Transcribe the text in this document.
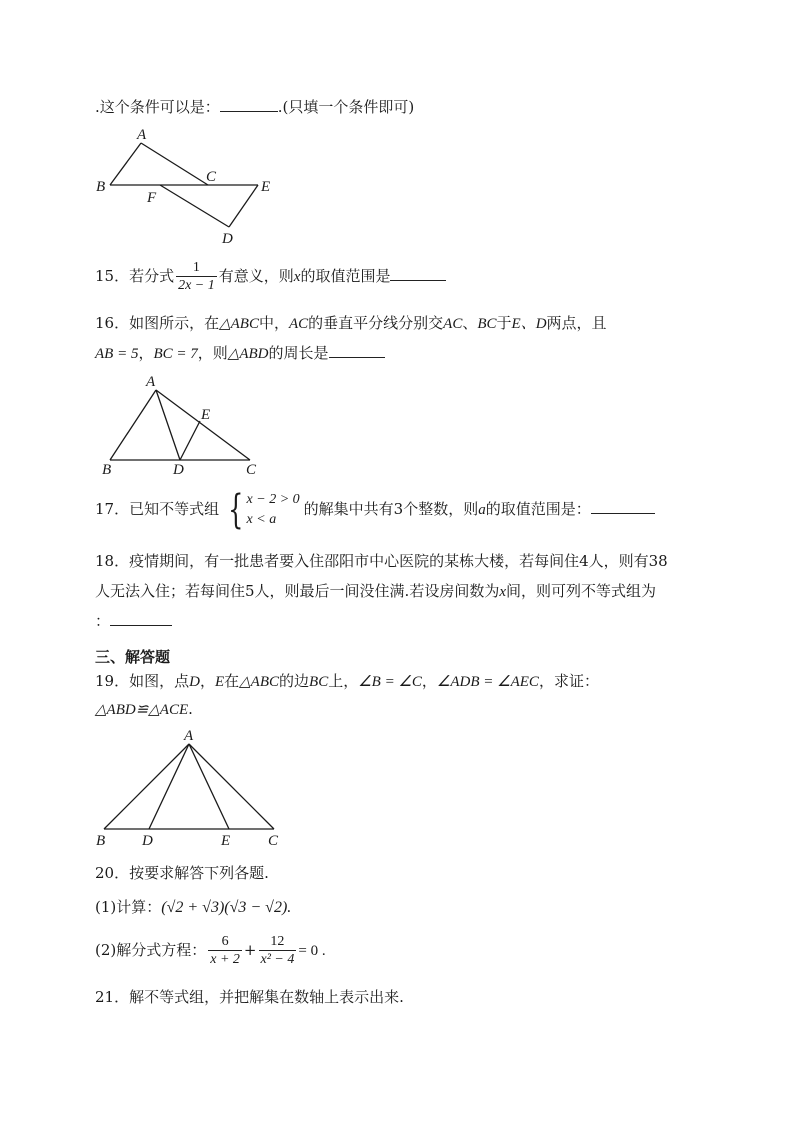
.这个条件可以是：	.(只填一个条件即可)
A
B
C
E
F
D
15．若分式 $\frac{1}{2x - 1}$ 有意义，则x的取值范围是
16．如图所示，在△ABC中，AC的垂直平分线分别交AC、BC于E、D两点，且
AB = 5，BC = 7，则△ABD的周长是
A
E
B	D	C
17．已知不等式组 { x − 2 > 0
x < a
的解集中共有3个整数，则a的取值范围是：
18．疫情期间，有一批患者要入住邵阳市中心医院的某栋大楼，若每间住4人，则有38
人无法入住；若每间住5人，则最后一间没住满.若设房间数为x间，则可列不等式组为
：
三、解答题
19．如图，点D，E在△ABC的边BC上，∠B = ∠C，∠ADB = ∠AEC，求证：
△ABD≌△ACE.
A
B D	E	C
20．按要求解答下列各题.
(1)计算：(√2 + √3)(√3 − √2).
(2)解分式方程： $\frac{6}{x + 2} + \frac{12}{\text{x² − 4}} = 0$ .
21．解不等式组，并把解集在数轴上表示出来.
